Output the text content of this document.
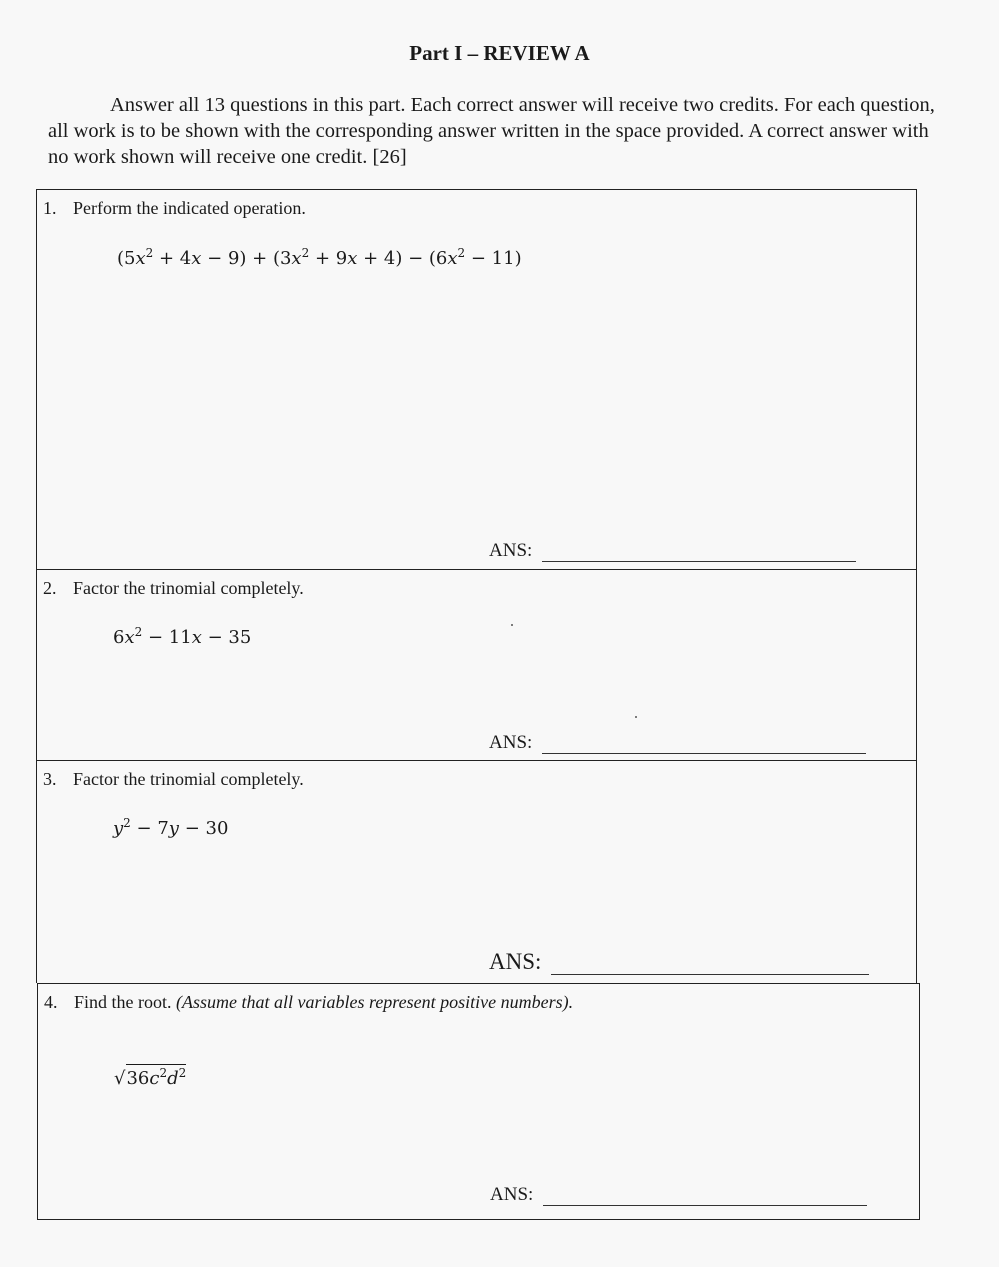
Part I – REVIEW A
Answer all 13 questions in this part. Each correct answer will receive two credits. For each question, all work is to be shown with the corresponding answer written in the space provided. A correct answer with no work shown will receive one credit. [26]
1. Perform the indicated operation.
$(5x^2 + 4x - 9) + (3x^2 + 9x + 4) - (6x^2 - 11)$
ANS:
2. Factor the trinomial completely.
$6x^2 - 11x - 35$
ANS:
3. Factor the trinomial completely.
$y^2 - 7y - 30$
ANS:
4. Find the root. (Assume that all variables represent positive numbers).
$√36c^2d^2$
ANS:
